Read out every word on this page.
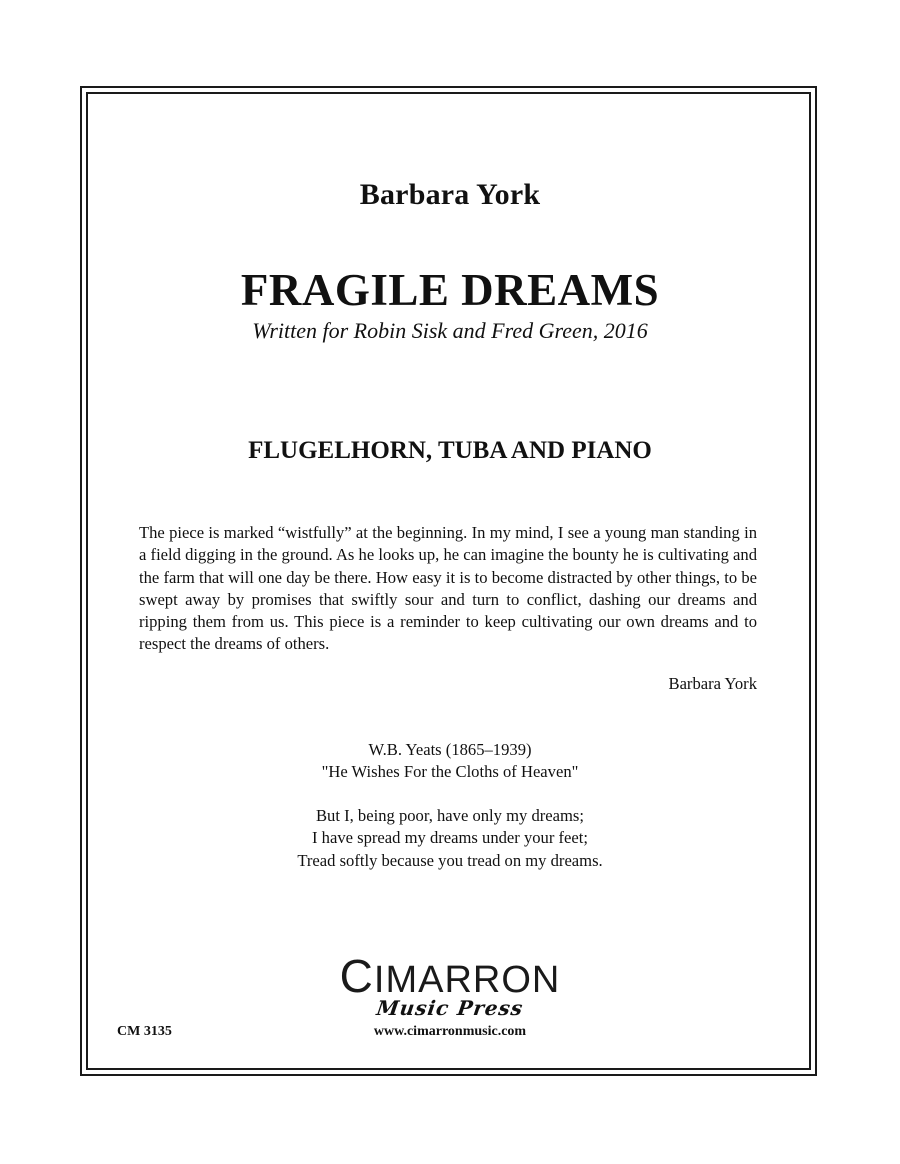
Barbara York
FRAGILE DREAMS
Written for Robin Sisk and Fred Green, 2016
FLUGELHORN, TUBA AND PIANO

The piece is marked “wistfully” at the beginning. In my mind, I see a young man standing in a field digging in the ground. As he looks up, he can imagine the bounty he is cultivating and the farm that will one day be there. How easy it is to become distracted by other things, to be swept away by promises that swiftly sour and turn to conflict, dashing our dreams and ripping them from us. This piece is a reminder to keep cultivating our own dreams and to respect the dreams of others.

Barbara York
W.B. Yeats (1865–1939)
"He Wishes For the Cloths of Heaven"
But I, being poor, have only my dreams;
I have spread my dreams under your feet;
Tread softly because you tread on my dreams.
CIMARRON
Music Press
www.cimarronmusic.com
CM 3135
